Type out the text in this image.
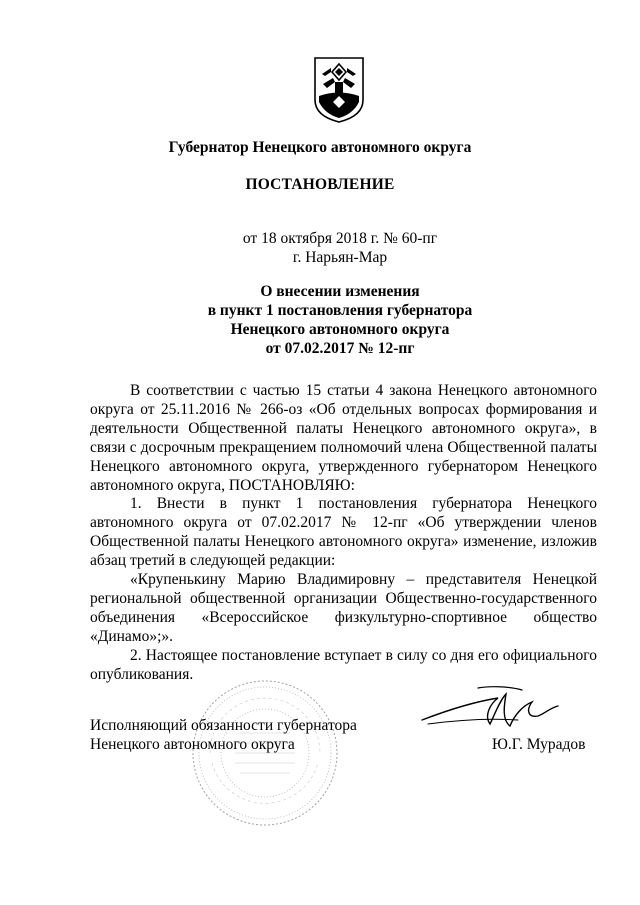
Губернатор Ненецкого автономного округа
ПОСТАНОВЛЕНИЕ
от 18 октября 2018 г. № 60-пг
г. Нарьян-Мар
О внесении изменения
в пункт 1 постановления губернатора
Ненецкого автономного округа
от 07.02.2017 № 12-пг

В соответствии с частью 15 статьи 4 закона Ненецкого автономного округа от 25.11.2016 № 266-оз «Об отдельных вопросах формирования и деятельности Общественной палаты Ненецкого автономного округа», в связи с досрочным прекращением полномочий члена Общественной палаты Ненецкого автономного округа, утвержденного губернатором Ненецкого автономного округа, ПОСТАНОВЛЯЮ:

1. Внести в пункт 1 постановления губернатора Ненецкого автономного округа от 07.02.2017 № 12-пг «Об утверждении членов Общественной палаты Ненецкого автономного округа» изменение, изложив абзац третий в следующей редакции:

«Крупенькину Марию Владимировну – представителя Ненецкой региональной общественной организации Общественно-государственного объединения «Всероссийское физкультурно-спортивное общество «Динамо»;».

2. Настоящее постановление вступает в силу со дня его официального опубликования.

Исполняющий обязанности губернатора
Ненецкого автономного округа	Ю.Г. Мурадов
